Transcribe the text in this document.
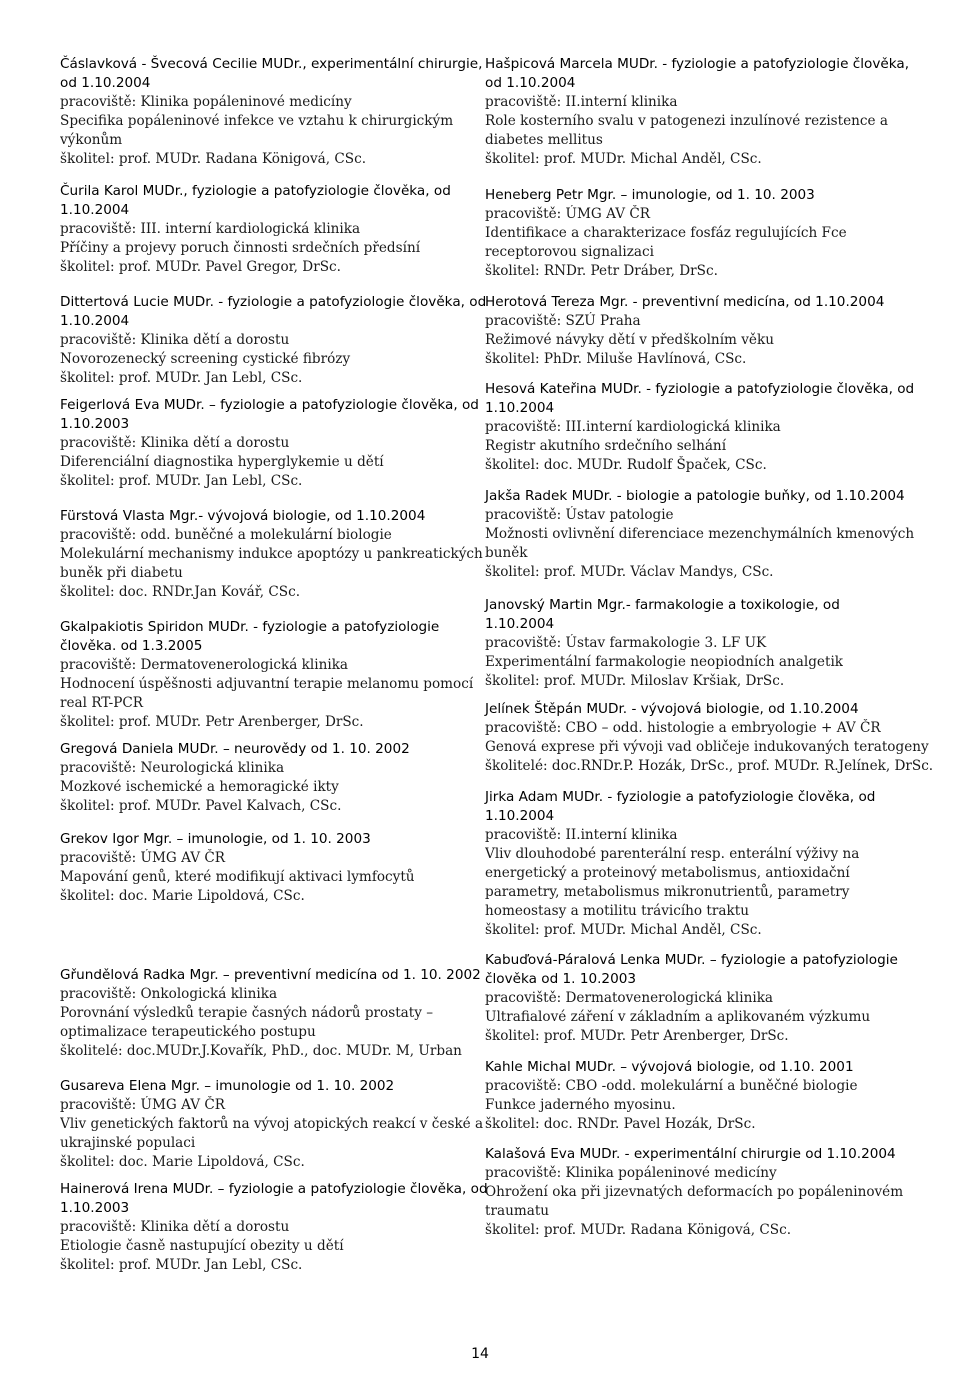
Čáslavková - Švecová Cecilie MUDr., experimentální chirurgie,
od 1.10.2004
pracoviště: Klinika popáleninové medicíny
Specifika popáleninové infekce ve vztahu k chirurgickým
výkonům
školitel: prof. MUDr. Radana Königová, CSc.
Čurila Karol MUDr., fyziologie a patofyziologie člověka, od
1.10.2004
pracoviště: III. interní kardiologická klinika
Příčiny a projevy poruch činnosti srdečních předsíní
školitel: prof. MUDr. Pavel Gregor, DrSc.
Dittertová Lucie MUDr. - fyziologie a patofyziologie člověka, od
1.10.2004
pracoviště: Klinika dětí a dorostu
Novorozenecký screening cystické fibrózy
školitel: prof. MUDr. Jan Lebl, CSc.
Feigerlová Eva MUDr. – fyziologie a patofyziologie člověka, od
1.10.2003
pracoviště: Klinika dětí a dorostu
Diferenciální diagnostika hyperglykemie u dětí
školitel: prof. MUDr. Jan Lebl, CSc.
Fürstová Vlasta Mgr.- vývojová biologie, od 1.10.2004
pracoviště: odd. buněčné a molekulární biologie
Molekulární mechanismy indukce apoptózy u pankreatických
buněk při diabetu
školitel: doc. RNDr.Jan Kovář, CSc.
Gkalpakiotis Spiridon MUDr. - fyziologie a patofyziologie
člověka. od 1.3.2005
pracoviště: Dermatovenerologická klinika
Hodnocení úspěšnosti adjuvantní terapie melanomu pomocí
real RT-PCR
školitel: prof. MUDr. Petr Arenberger, DrSc.
Gregová Daniela MUDr. – neurovědy od 1. 10. 2002
pracoviště: Neurologická klinika
Mozkové ischemické a hemoragické ikty
školitel: prof. MUDr. Pavel Kalvach, CSc.
Grekov Igor Mgr. – imunologie, od 1. 10. 2003
pracoviště: ÚMG AV ČR
Mapování genů, které modifikují aktivaci lymfocytů
školitel: doc. Marie Lipoldová, CSc.
Gřundělová Radka Mgr. – preventivní medicína od 1. 10. 2002
pracoviště: Onkologická klinika
Porovnání výsledků terapie časných nádorů prostaty –
optimalizace terapeutického postupu
školitelé: doc.MUDr.J.Kovařík, PhD., doc. MUDr. M, Urban
Gusareva Elena Mgr. – imunologie od 1. 10. 2002
pracoviště: ÚMG AV ČR
Vliv genetických faktorů na vývoj atopických reakcí v české a
ukrajinské populaci
školitel: doc. Marie Lipoldová, CSc.
Hainerová Irena MUDr. – fyziologie a patofyziologie člověka, od
1.10.2003
pracoviště: Klinika dětí a dorostu
Etiologie časně nastupující obezity u dětí
školitel: prof. MUDr. Jan Lebl, CSc.
Hašpicová Marcela MUDr. - fyziologie a patofyziologie člověka,
od 1.10.2004
pracoviště: II.interní klinika
Role kosterního svalu v patogenezi inzulínové rezistence a
diabetes mellitus
školitel: prof. MUDr. Michal Anděl, CSc.
Heneberg Petr Mgr. – imunologie, od 1. 10. 2003
pracoviště: ÚMG AV ČR
Identifikace a charakterizace fosfáz regulujících Fce
receptorovou signalizaci
školitel: RNDr. Petr Dráber, DrSc.
Herotová Tereza Mgr. - preventivní medicína, od 1.10.2004
pracoviště: SZÚ Praha
Režimové návyky dětí v předškolním věku
školitel: PhDr. Miluše Havlínová, CSc.
Hesová Kateřina MUDr. - fyziologie a patofyziologie člověka, od
1.10.2004
pracoviště: III.interní kardiologická klinika
Registr akutního srdečního selhání
školitel: doc. MUDr. Rudolf Špaček, CSc.
Jakša Radek MUDr. - biologie a patologie buňky, od 1.10.2004
pracoviště: Ústav patologie
Možnosti ovlivnění diferenciace mezenchymálních kmenových
buněk
školitel: prof. MUDr. Václav Mandys, CSc.
Janovský Martin Mgr.- farmakologie a toxikologie, od
1.10.2004
pracoviště: Ústav farmakologie 3. LF UK
Experimentální farmakologie neopiodních analgetik
školitel: prof. MUDr. Miloslav Kršiak, DrSc.
Jelínek Štěpán MUDr. - vývojová biologie, od 1.10.2004
pracoviště: CBO – odd. histologie a embryologie + AV ČR
Genová exprese při vývoji vad obličeje indukovaných teratogeny
školitelé: doc.RNDr.P. Hozák, DrSc., prof. MUDr. R.Jelínek, DrSc.
Jirka Adam MUDr. - fyziologie a patofyziologie člověka, od
1.10.2004
pracoviště: II.interní klinika
Vliv dlouhodobé parenterální resp. enterální výživy na
energetický a proteinový metabolismus, antioxidační
parametry, metabolismus mikronutrientů, parametry
homeostasy a motilitu trávicího traktu
školitel: prof. MUDr. Michal Anděl, CSc.
Kabuďová-Páralová Lenka MUDr. – fyziologie a patofyziologie
člověka od 1. 10.2003
pracoviště: Dermatovenerologická klinika
Ultrafialové záření v základním a aplikovaném výzkumu
školitel: prof. MUDr. Petr Arenberger, DrSc.
Kahle Michal MUDr. – vývojová biologie, od 1.10. 2001
pracoviště: CBO -odd. molekulární a buněčné biologie
Funkce jaderného myosinu.
školitel: doc. RNDr. Pavel Hozák, DrSc.
Kalašová Eva MUDr. - experimentální chirurgie od 1.10.2004
pracoviště: Klinika popáleninové medicíny
Ohrožení oka při jizevnatých deformacích po popáleninovém
traumatu
školitel: prof. MUDr. Radana Königová, CSc.
14
